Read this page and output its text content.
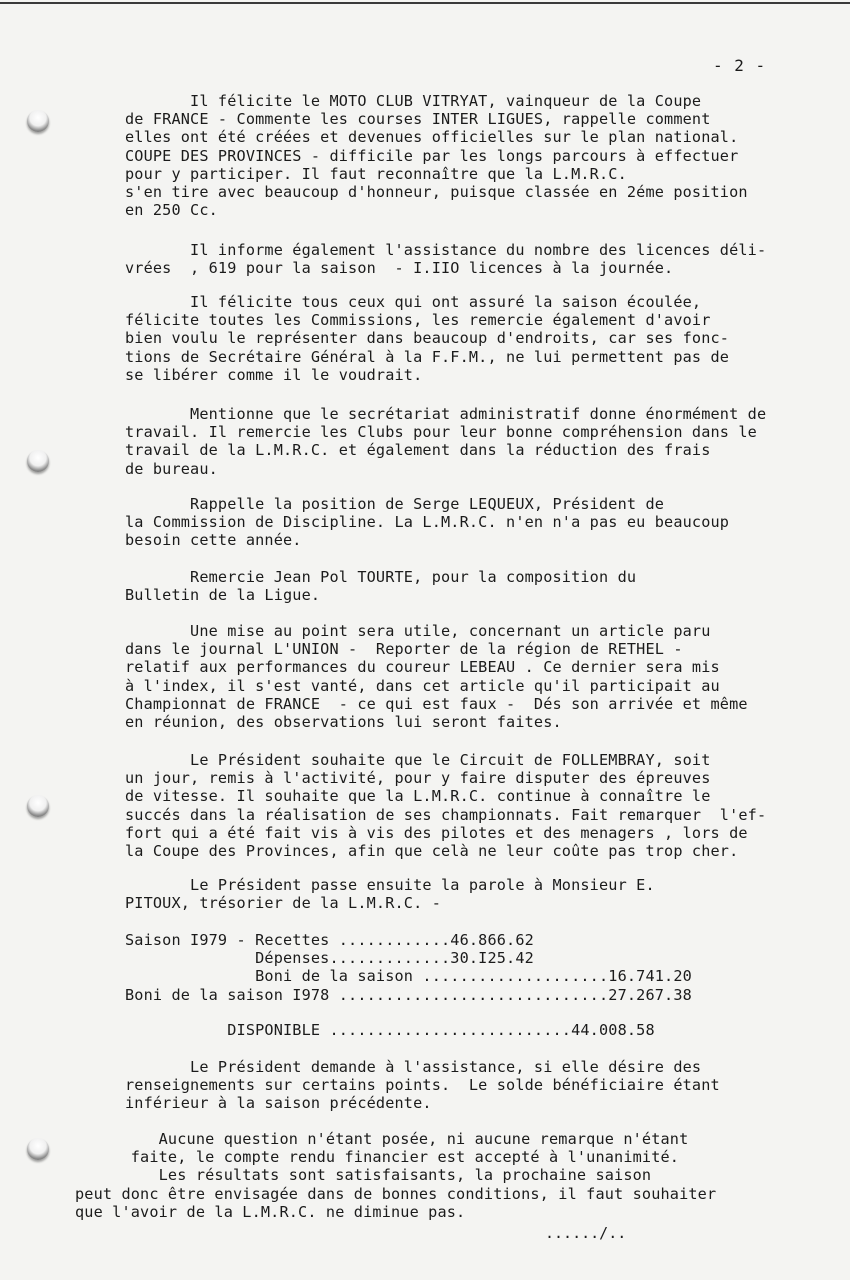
- 2 -
Il félicite le MOTO CLUB VITRYAT, vainqueur de la Coupe
de FRANCE - Commente les courses INTER LIGUES, rappelle comment
elles ont été créées et devenues officielles sur le plan national.
COUPE DES PROVINCES - difficile par les longs parcours à effectuer
pour y participer. Il faut reconnaître que la L.M.R.C.
s'en tire avec beaucoup d'honneur, puisque classée en 2éme position
en 250 Cc.
Il informe également l'assistance du nombre des licences déli-
vrées  , 619 pour la saison  - I.IIO licences à la journée.
Il félicite tous ceux qui ont assuré la saison écoulée,
félicite toutes les Commissions, les remercie également d'avoir
bien voulu le représenter dans beaucoup d'endroits, car ses fonc-
tions de Secrétaire Général à la F.F.M., ne lui permettent pas de
se libérer comme il le voudrait.
Mentionne que le secrétariat administratif donne énormément de
travail. Il remercie les Clubs pour leur bonne compréhension dans le
travail de la L.M.R.C. et également dans la réduction des frais
de bureau.
Rappelle la position de Serge LEQUEUX, Président de
la Commission de Discipline. La L.M.R.C. n'en n'a pas eu beaucoup
besoin cette année.
Remercie Jean Pol TOURTE, pour la composition du
Bulletin de la Ligue.
Une mise au point sera utile, concernant un article paru
dans le journal L'UNION -  Reporter de la région de RETHEL -
relatif aux performances du coureur LEBEAU . Ce dernier sera mis
à l'index, il s'est vanté, dans cet article qu'il participait au
Championnat de FRANCE  - ce qui est faux -  Dés son arrivée et même
en réunion, des observations lui seront faites.
Le Président souhaite que le Circuit de FOLLEMBRAY, soit
un jour, remis à l'activité, pour y faire disputer des épreuves
de vitesse. Il souhaite que la L.M.R.C. continue à connaître le
succés dans la réalisation de ses championnats. Fait remarquer  l'ef-
fort qui a été fait vis à vis des pilotes et des menagers , lors de
la Coupe des Provinces, afin que celà ne leur coûte pas trop cher.
Le Président passe ensuite la parole à Monsieur E.
PITOUX, trésorier de la L.M.R.C. -
Saison I979 - Recettes ............46.866.62
Dépenses.............30.I25.42
Boni de la saison ....................16.741.20
Boni de la saison I978 .............................27.267.38
DISPONIBLE ..........................44.008.58
Le Président demande à l'assistance, si elle désire des
renseignements sur certains points.  Le solde bénéficiaire étant
inférieur à la saison précédente.
Aucune question n'étant posée, ni aucune remarque n'étant
faite, le compte rendu financier est accepté à l'unanimité.
Les résultats sont satisfaisants, la prochaine saison
peut donc être envisagée dans de bonnes conditions, il faut souhaiter
que l'avoir de la L.M.R.C. ne diminue pas.
....../..
